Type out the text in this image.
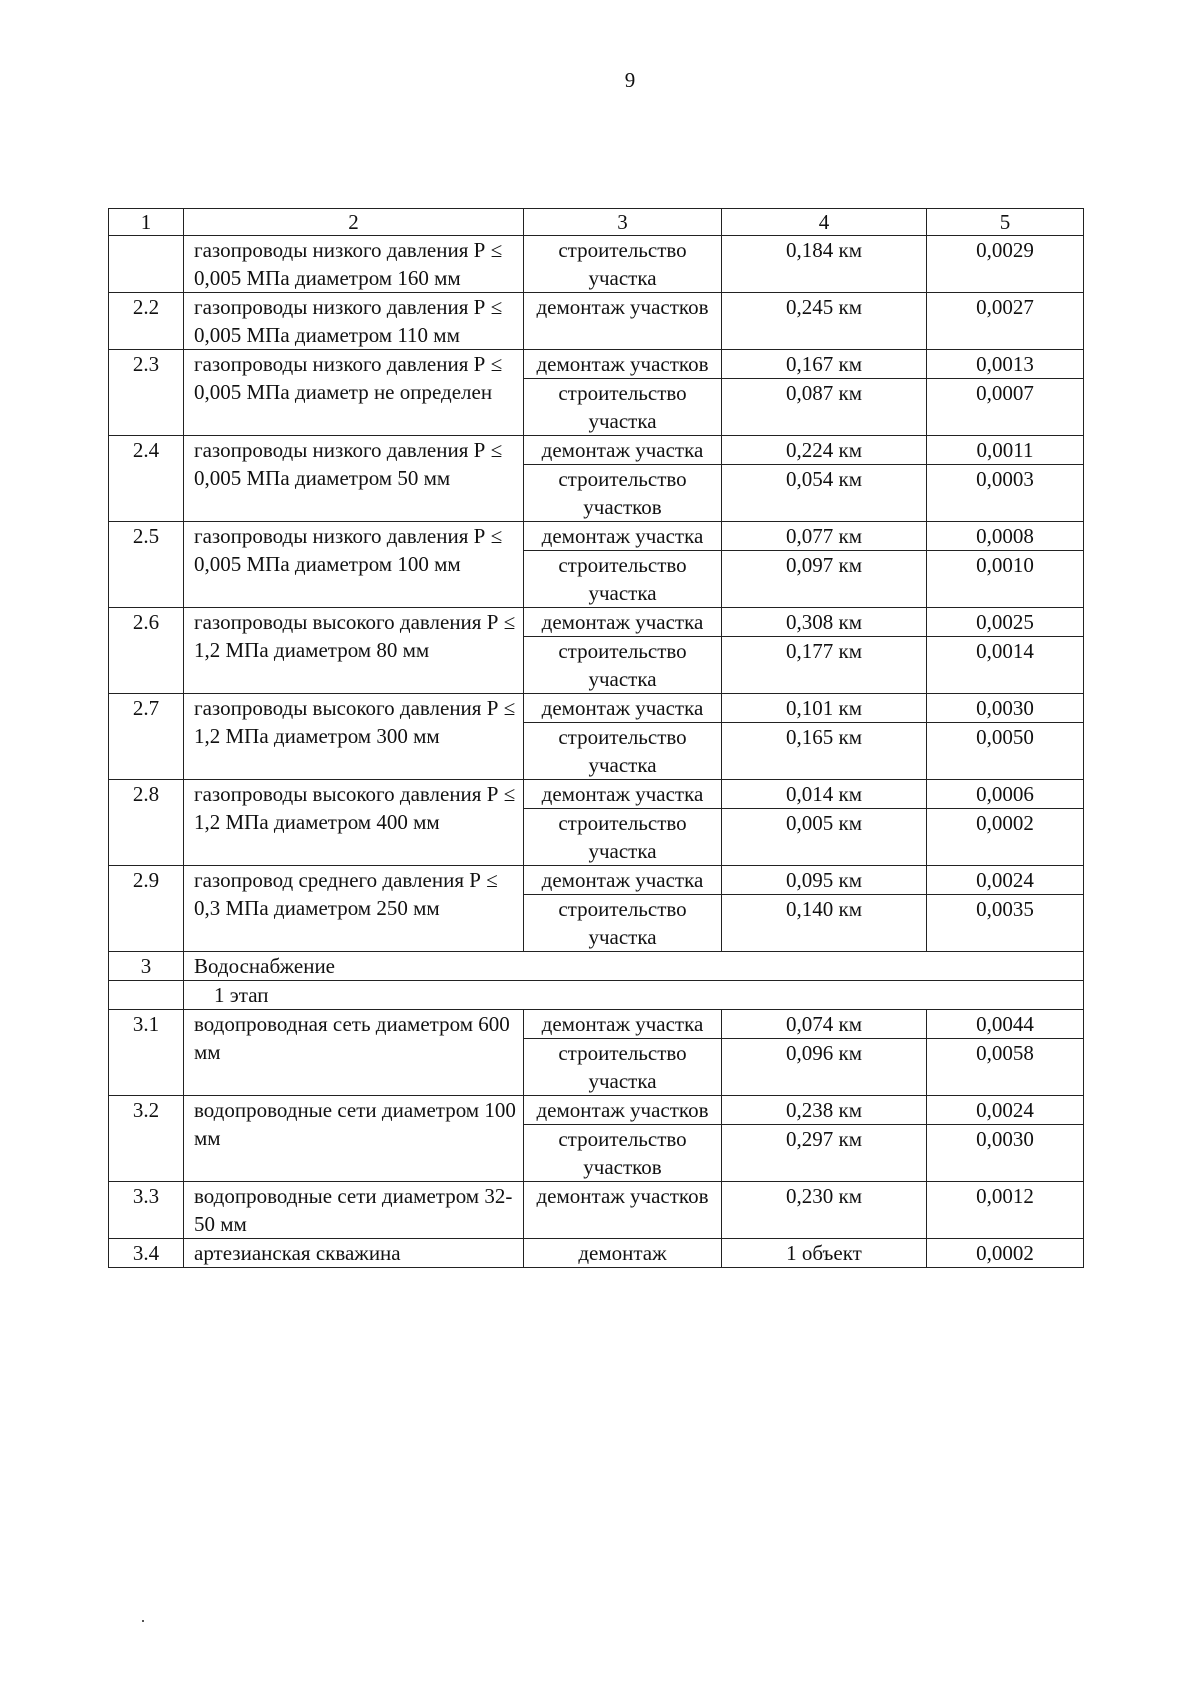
9
1	2	3	4	5
	газопроводы низкого давления Р ≤ 0,005 МПа диаметром 160 мм	строительство участка	0,184 км	0,0029
2.2	газопроводы низкого давления Р ≤ 0,005 МПа диаметром 110 мм	демонтаж участков	0,245 км	0,0027
2.3	газопроводы низкого давления Р ≤ 0,005 МПа диаметр не определен	демонтаж участков	0,167 км	0,0013
		строительство участка	0,087 км	0,0007
2.4	газопроводы низкого давления Р ≤ 0,005 МПа диаметром 50 мм	демонтаж участка	0,224 км	0,0011
		строительство участков	0,054 км	0,0003
2.5	газопроводы низкого давления Р ≤ 0,005 МПа диаметром 100 мм	демонтаж участка	0,077 км	0,0008
		строительство участка	0,097 км	0,0010
2.6	газопроводы высокого давления Р ≤ 1,2 МПа диаметром 80 мм	демонтаж участка	0,308 км	0,0025
		строительство участка	0,177 км	0,0014
2.7	газопроводы высокого давления Р ≤ 1,2 МПа диаметром 300 мм	демонтаж участка	0,101 км	0,0030
		строительство участка	0,165 км	0,0050
2.8	газопроводы высокого давления Р ≤ 1,2 МПа диаметром 400 мм	демонтаж участка	0,014 км	0,0006
		строительство участка	0,005 км	0,0002
2.9	газопровод среднего давления Р ≤ 0,3 МПа диаметром 250 мм	демонтаж участка	0,095 км	0,0024
		строительство участка	0,140 км	0,0035
3	Водоснабжение			
	1 этап			
3.1	водопроводная сеть диаметром 600 мм	демонтаж участка	0,074 км	0,0044
		строительство участка	0,096 км	0,0058
3.2	водопроводные сети диаметром 100 мм	демонтаж участков	0,238 км	0,0024
		строительство участков	0,297 км	0,0030
3.3	водопроводные сети диаметром 32-50 мм	демонтаж участков	0,230 км	0,0012
3.4	артезианская скважина	демонтаж	1 объект	0,0002
